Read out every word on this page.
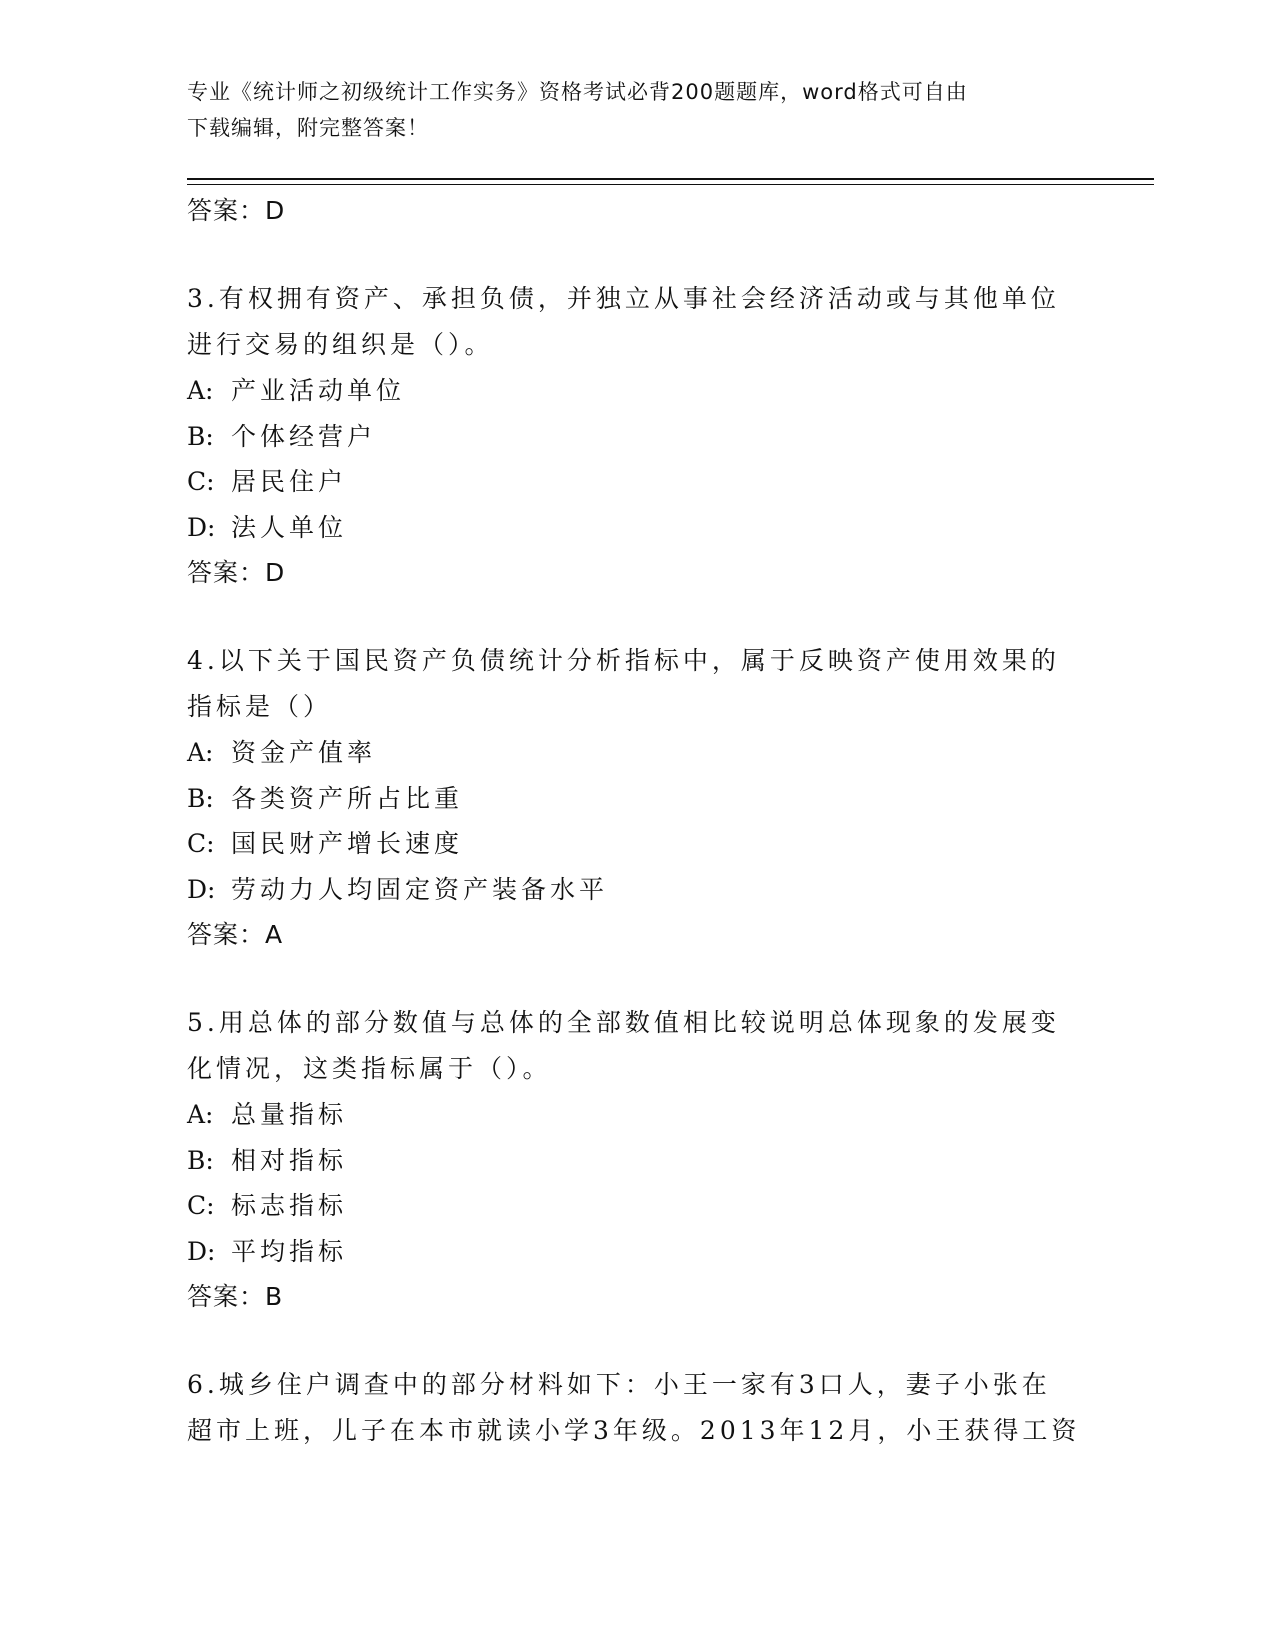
专业《统计师之初级统计工作实务》资格考试必背200题题库，word格式可自由
下载编辑，附完整答案！
答案：D
3.有权拥有资产、承担负债，并独立从事社会经济活动或与其他单位
进行交易的组织是（）。
A: 产业活动单位
B: 个体经营户
C: 居民住户
D: 法人单位
答案：D
4.以下关于国民资产负债统计分析指标中，属于反映资产使用效果的
指标是（）
A: 资金产值率
B: 各类资产所占比重
C: 国民财产增长速度
D: 劳动力人均固定资产装备水平
答案：A
5.用总体的部分数值与总体的全部数值相比较说明总体现象的发展变
化情况，这类指标属于（）。
A: 总量指标
B: 相对指标
C: 标志指标
D: 平均指标
答案：B
6.城乡住户调查中的部分材料如下：小王一家有3口人，妻子小张在
超市上班，儿子在本市就读小学3年级。2013年12月，小王获得工资
